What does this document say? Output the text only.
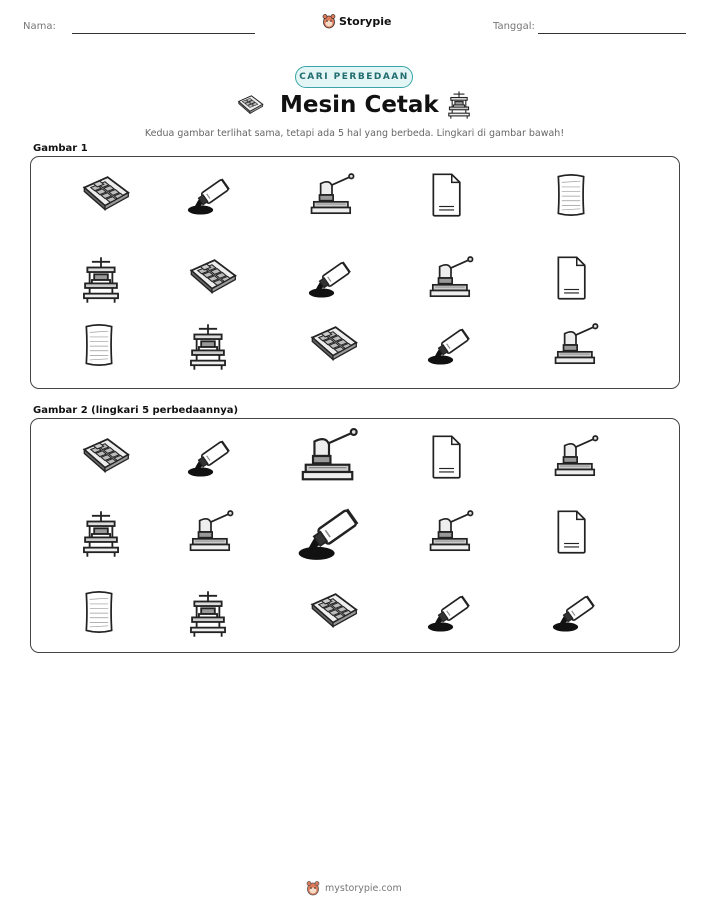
Nama:	Storypie	Tanggal:
CARI PERBEDAAN
Mesin Cetak
Kedua gambar terlihat sama, tetapi ada 5 hal yang berbeda. Lingkari di gambar bawah!
Gambar 1
Gambar 2 (lingkari 5 perbedaannya)
mystorypie.com
